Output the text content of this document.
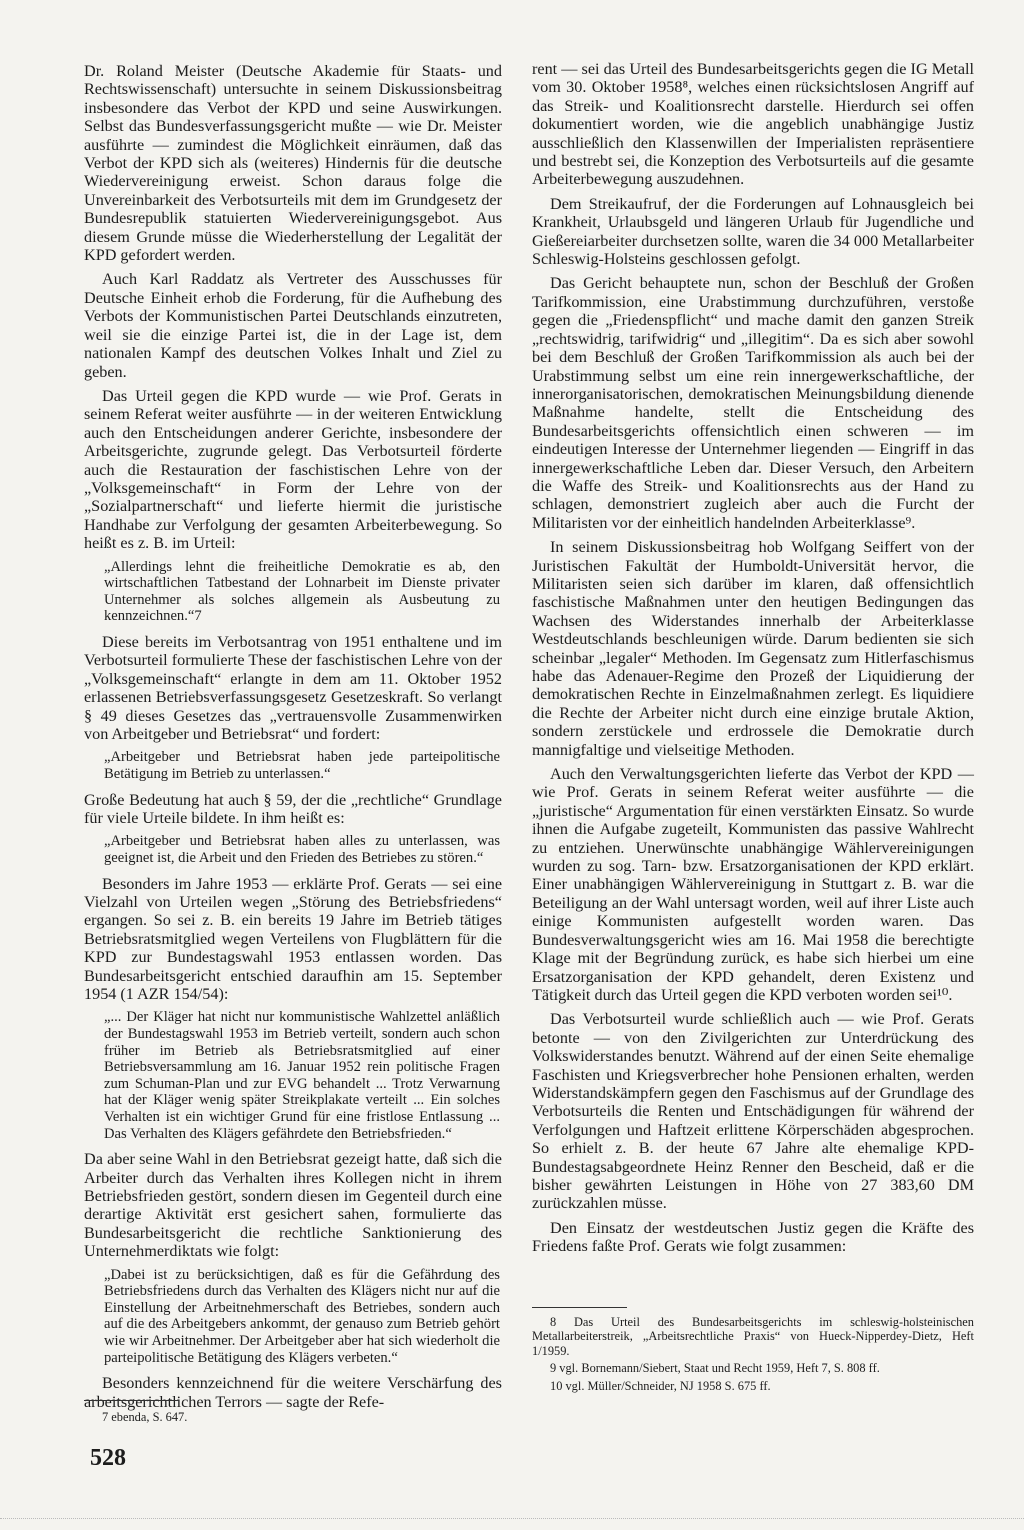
Dr. Roland Meister (Deutsche Akademie für Staats- und Rechtswissenschaft) untersuchte in seinem Diskussionsbeitrag insbesondere das Verbot der KPD und seine Auswirkungen. Selbst das Bundesverfassungsgericht mußte — wie Dr. Meister ausführte — zumindest die Möglichkeit einräumen, daß das Verbot der KPD sich als (weiteres) Hindernis für die deutsche Wiedervereinigung erweist. Schon daraus folge die Unvereinbarkeit des Verbotsurteils mit dem im Grundgesetz der Bundesrepublik statuierten Wiedervereinigungsgebot. Aus diesem Grunde müsse die Wiederherstellung der Legalität der KPD gefordert werden.

Auch Karl Raddatz als Vertreter des Ausschusses für Deutsche Einheit erhob die Forderung, für die Aufhebung des Verbots der Kommunistischen Partei Deutschlands einzutreten, weil sie die einzige Partei ist, die in der Lage ist, dem nationalen Kampf des deutschen Volkes Inhalt und Ziel zu geben.

Das Urteil gegen die KPD wurde — wie Prof. Gerats in seinem Referat weiter ausführte — in der weiteren Entwicklung auch den Entscheidungen anderer Gerichte, insbesondere der Arbeitsgerichte, zugrunde gelegt. Das Verbotsurteil förderte auch die Restauration der faschistischen Lehre von der „Volksgemeinschaft“ in Form der Lehre von der „Sozialpartnerschaft“ und lieferte hiermit die juristische Handhabe zur Verfolgung der gesamten Arbeiterbewegung. So heißt es z. B. im Urteil:

„Allerdings lehnt die freiheitliche Demokratie es ab, den wirtschaftlichen Tatbestand der Lohnarbeit im Dienste privater Unternehmer als solches allgemein als Ausbeutung zu kennzeichnen.“7

Diese bereits im Verbotsantrag von 1951 enthaltene und im Verbotsurteil formulierte These der faschistischen Lehre von der „Volksgemeinschaft“ erlangte in dem am 11. Oktober 1952 erlassenen Betriebsverfassungsgesetz Gesetzeskraft. So verlangt § 49 dieses Gesetzes das „vertrauensvolle Zusammenwirken von Arbeitgeber und Betriebsrat“ und fordert:

„Arbeitgeber und Betriebsrat haben jede parteipolitische Betätigung im Betrieb zu unterlassen.“

Große Bedeutung hat auch § 59, der die „rechtliche“ Grundlage für viele Urteile bildete. In ihm heißt es:

„Arbeitgeber und Betriebsrat haben alles zu unterlassen, was geeignet ist, die Arbeit und den Frieden des Betriebes zu stören.“

Besonders im Jahre 1953 — erklärte Prof. Gerats — sei eine Vielzahl von Urteilen wegen „Störung des Betriebsfriedens“ ergangen. So sei z. B. ein bereits 19 Jahre im Betrieb tätiges Betriebsratsmitglied wegen Verteilens von Flugblättern für die KPD zur Bundestagswahl 1953 entlassen worden. Das Bundesarbeitsgericht entschied daraufhin am 15. September 1954 (1 AZR 154/54):

„... Der Kläger hat nicht nur kommunistische Wahlzettel anläßlich der Bundestagswahl 1953 im Betrieb verteilt, sondern auch schon früher im Betrieb als Betriebsratsmitglied auf einer Betriebsversammlung am 16. Januar 1952 rein politische Fragen zum Schuman-Plan und zur EVG behandelt ... Trotz Verwarnung hat der Kläger wenig später Streikplakate verteilt ... Ein solches Verhalten ist ein wichtiger Grund für eine fristlose Entlassung ... Das Verhalten des Klägers gefährdete den Betriebsfrieden.“

Da aber seine Wahl in den Betriebsrat gezeigt hatte, daß sich die Arbeiter durch das Verhalten ihres Kollegen nicht in ihrem Betriebsfrieden gestört, sondern diesen im Gegenteil durch eine derartige Aktivität erst gesichert sahen, formulierte das Bundesarbeitsgericht die rechtliche Sanktionierung des Unternehmerdiktats wie folgt:

„Dabei ist zu berücksichtigen, daß es für die Gefährdung des Betriebsfriedens durch das Verhalten des Klägers nicht nur auf die Einstellung der Arbeitnehmerschaft des Betriebes, sondern auch auf die des Arbeitgebers ankommt, der genauso zum Betrieb gehört wie wir Arbeitnehmer. Der Arbeitgeber aber hat sich wiederholt die parteipolitische Betätigung des Klägers verbeten.“

Besonders kennzeichnend für die weitere Verschärfung des arbeitsgerichtlichen Terrors — sagte der Refe-

rent — sei das Urteil des Bundesarbeitsgerichts gegen die IG Metall vom 30. Oktober 1958⁸, welches einen rücksichtslosen Angriff auf das Streik- und Koalitionsrecht darstelle. Hierdurch sei offen dokumentiert worden, wie die angeblich unabhängige Justiz ausschließlich den Klassenwillen der Imperialisten repräsentiere und bestrebt sei, die Konzeption des Verbotsurteils auf die gesamte Arbeiterbewegung auszudehnen.

Dem Streikaufruf, der die Forderungen auf Lohnausgleich bei Krankheit, Urlaubsgeld und längeren Urlaub für Jugendliche und Gießereiarbeiter durchsetzen sollte, waren die 34 000 Metallarbeiter Schleswig-Holsteins geschlossen gefolgt.

Das Gericht behauptete nun, schon der Beschluß der Großen Tarifkommission, eine Urabstimmung durchzuführen, verstoße gegen die „Friedenspflicht“ und mache damit den ganzen Streik „rechtswidrig, tarifwidrig“ und „illegitim“. Da es sich aber sowohl bei dem Beschluß der Großen Tarifkommission als auch bei der Urabstimmung selbst um eine rein innergewerkschaftliche, der innerorganisatorischen, demokratischen Meinungsbildung dienende Maßnahme handelte, stellt die Entscheidung des Bundesarbeitsgerichts offensichtlich einen schweren — im eindeutigen Interesse der Unternehmer liegenden — Eingriff in das innergewerkschaftliche Leben dar. Dieser Versuch, den Arbeitern die Waffe des Streik- und Koalitionsrechts aus der Hand zu schlagen, demonstriert zugleich aber auch die Furcht der Militaristen vor der einheitlich handelnden Arbeiterklasse⁹.

In seinem Diskussionsbeitrag hob Wolfgang Seiffert von der Juristischen Fakultät der Humboldt-Universität hervor, die Militaristen seien sich darüber im klaren, daß offensichtlich faschistische Maßnahmen unter den heutigen Bedingungen das Wachsen des Widerstandes innerhalb der Arbeiterklasse Westdeutschlands beschleunigen würde. Darum bedienten sie sich scheinbar „legaler“ Methoden. Im Gegensatz zum Hitlerfaschismus habe das Adenauer-Regime den Prozeß der Liquidierung der demokratischen Rechte in Einzelmaßnahmen zerlegt. Es liquidiere die Rechte der Arbeiter nicht durch eine einzige brutale Aktion, sondern zerstückele und erdrossele die Demokratie durch mannigfaltige und vielseitige Methoden.

Auch den Verwaltungsgerichten lieferte das Verbot der KPD — wie Prof. Gerats in seinem Referat weiter ausführte — die „juristische“ Argumentation für einen verstärkten Einsatz. So wurde ihnen die Aufgabe zugeteilt, Kommunisten das passive Wahlrecht zu entziehen. Unerwünschte unabhängige Wählervereinigungen wurden zu sog. Tarn- bzw. Ersatzorganisationen der KPD erklärt. Einer unabhängigen Wählervereinigung in Stuttgart z. B. war die Beteiligung an der Wahl untersagt worden, weil auf ihrer Liste auch einige Kommunisten aufgestellt worden waren. Das Bundesverwaltungsgericht wies am 16. Mai 1958 die berechtigte Klage mit der Begründung zurück, es habe sich hierbei um eine Ersatzorganisation der KPD gehandelt, deren Existenz und Tätigkeit durch das Urteil gegen die KPD verboten worden sei¹⁰.

Das Verbotsurteil wurde schließlich auch — wie Prof. Gerats betonte — von den Zivilgerichten zur Unterdrückung des Volkswiderstandes benutzt. Während auf der einen Seite ehemalige Faschisten und Kriegsverbrecher hohe Pensionen erhalten, werden Widerstandskämpfern gegen den Faschismus auf der Grundlage des Verbotsurteils die Renten und Entschädigungen für während der Verfolgungen und Haftzeit erlittene Körperschäden abgesprochen. So erhielt z. B. der heute 67 Jahre alte ehemalige KPD-Bundestagsabgeordnete Heinz Renner den Bescheid, daß er die bisher gewährten Leistungen in Höhe von 27 383,60 DM zurückzahlen müsse.

Den Einsatz der westdeutschen Justiz gegen die Kräfte des Friedens faßte Prof. Gerats wie folgt zusammen:

7 ebenda, S. 647.

8 Das Urteil des Bundesarbeitsgerichts im schleswig-holsteinischen Metallarbeiterstreik, „Arbeitsrechtliche Praxis“ von Hueck-Nipperdey-Dietz, Heft 1/1959.

9 vgl. Bornemann/Siebert, Staat und Recht 1959, Heft 7, S. 808 ff.

10 vgl. Müller/Schneider, NJ 1958 S. 675 ff.

528
